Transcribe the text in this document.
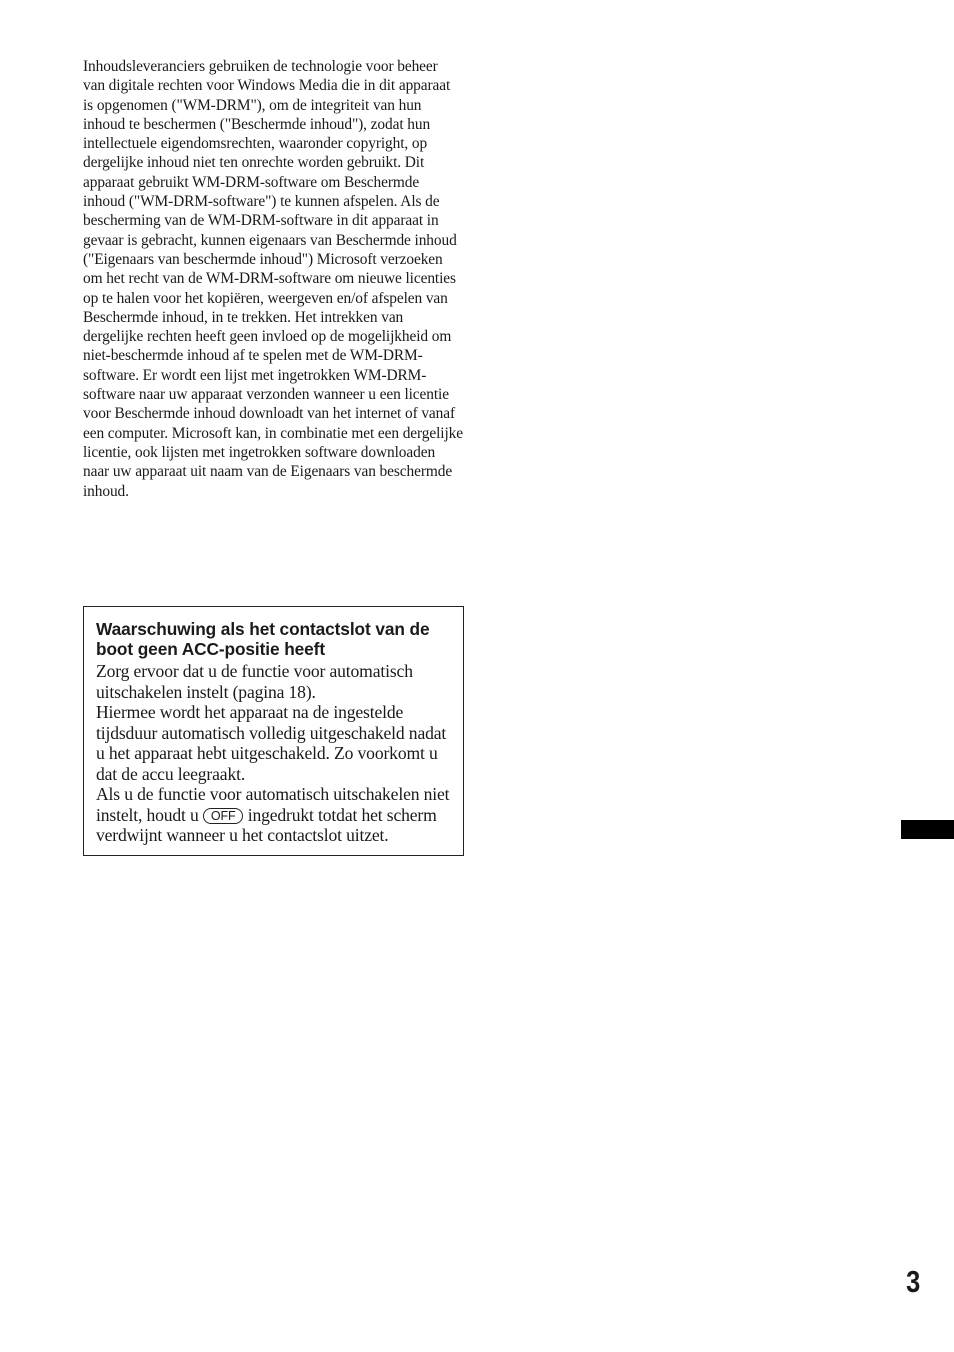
Inhoudsleveranciers gebruiken de technologie voor beheer van digitale rechten voor Windows Media die in dit apparaat is opgenomen ("WM-DRM"), om de integriteit van hun inhoud te beschermen ("Beschermde inhoud"), zodat hun intellectuele eigendomsrechten, waaronder copyright, op dergelijke inhoud niet ten onrechte worden gebruikt. Dit apparaat gebruikt WM-DRM-software om Beschermde inhoud ("WM-DRM-software") te kunnen afspelen. Als de bescherming van de WM-DRM-software in dit apparaat in gevaar is gebracht, kunnen eigenaars van Beschermde inhoud ("Eigenaars van beschermde inhoud") Microsoft verzoeken om het recht van de WM-DRM-software om nieuwe licenties op te halen voor het kopiëren, weergeven en/of afspelen van Beschermde inhoud, in te trekken. Het intrekken van dergelijke rechten heeft geen invloed op de mogelijkheid om niet-beschermde inhoud af te spelen met de WM-DRM-software. Er wordt een lijst met ingetrokken WM-DRM-software naar uw apparaat verzonden wanneer u een licentie voor Beschermde inhoud downloadt van het internet of vanaf een computer. Microsoft kan, in combinatie met een dergelijke licentie, ook lijsten met ingetrokken software downloaden naar uw apparaat uit naam van de Eigenaars van beschermde inhoud.

Waarschuwing als het contactslot van de boot geen ACC-positie heeft

Zorg ervoor dat u de functie voor automatisch uitschakelen instelt (pagina 18).
Hiermee wordt het apparaat na de ingestelde tijdsduur automatisch volledig uitgeschakeld nadat u het apparaat hebt uitgeschakeld. Zo voorkomt u dat de accu leegraakt.
Als u de functie voor automatisch uitschakelen niet instelt, houdt u OFF ingedrukt totdat het scherm verdwijnt wanneer u het contactslot uitzet.

3
